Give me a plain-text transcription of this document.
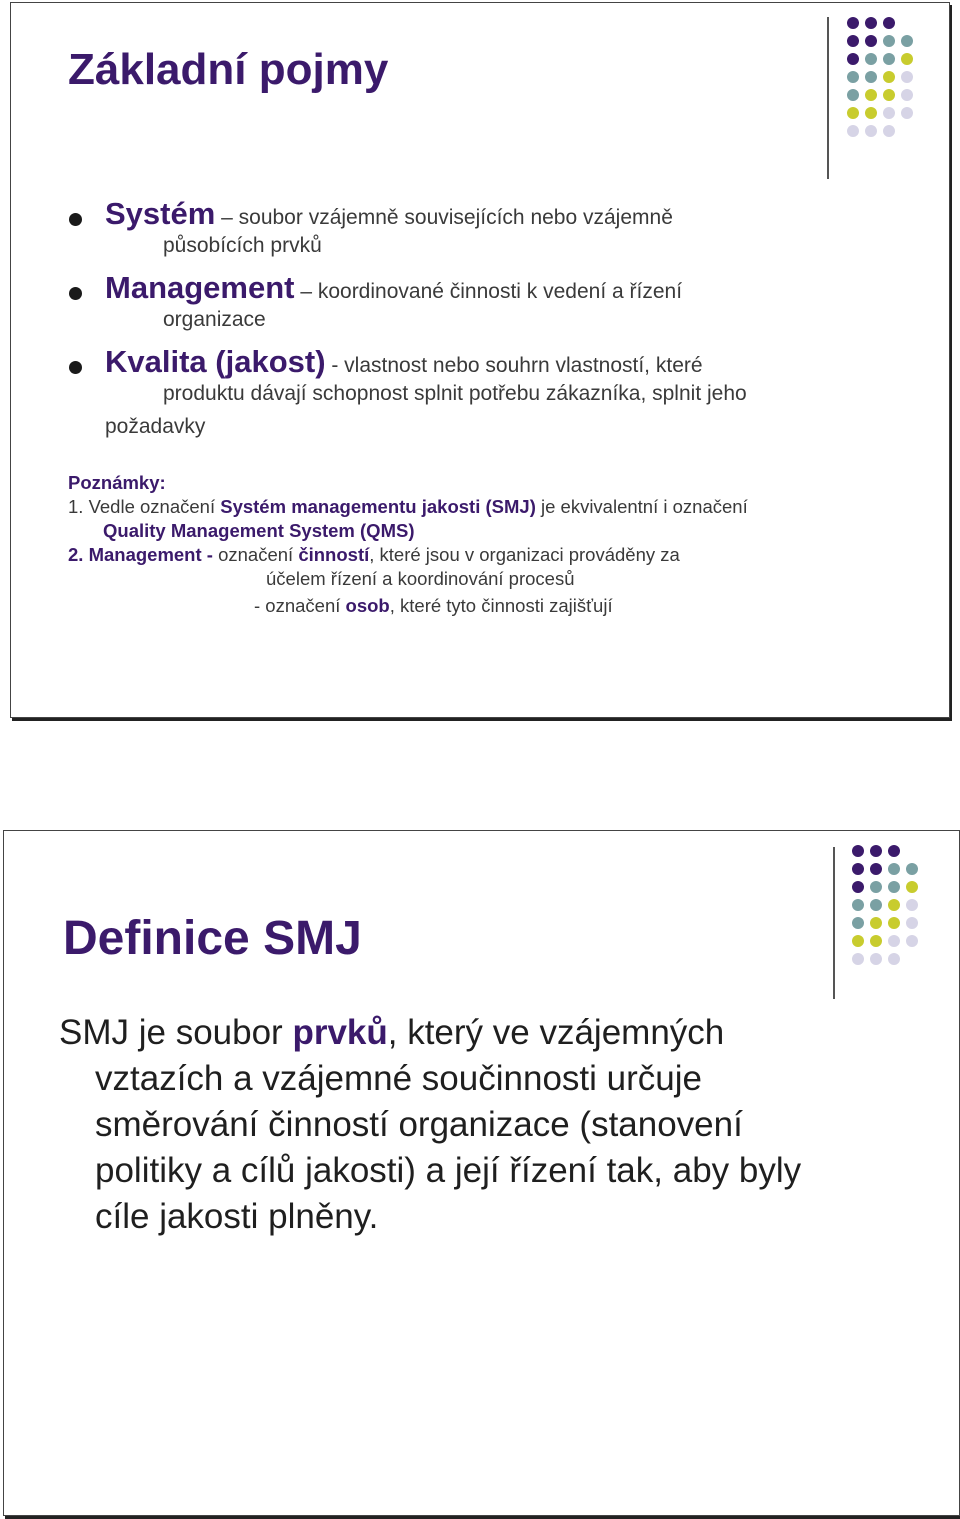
Základní pojmy
Systém – soubor vzájemně souvisejících nebo vzájemně
působících prvků
Management – koordinované činnosti k vedení a řízení
organizace
Kvalita (jakost) - vlastnost nebo souhrn vlastností, které
produktu dávají schopnost splnit potřebu zákazníka, splnit jeho
požadavky
Poznámky:
1. Vedle označení Systém managementu jakosti (SMJ) je ekvivalentní i označení
Quality Management System (QMS)
2. Management - označení činností, které jsou v organizaci prováděny za
účelem řízení a koordinování procesů
- označení osob, které tyto činnosti zajišťují
Definice SMJ
SMJ je soubor prvků, který ve vzájemných
vztazích a vzájemné součinnosti určuje
směrování činností organizace (stanovení
politiky a cílů jakosti) a její řízení tak, aby byly
cíle jakosti plněny.
